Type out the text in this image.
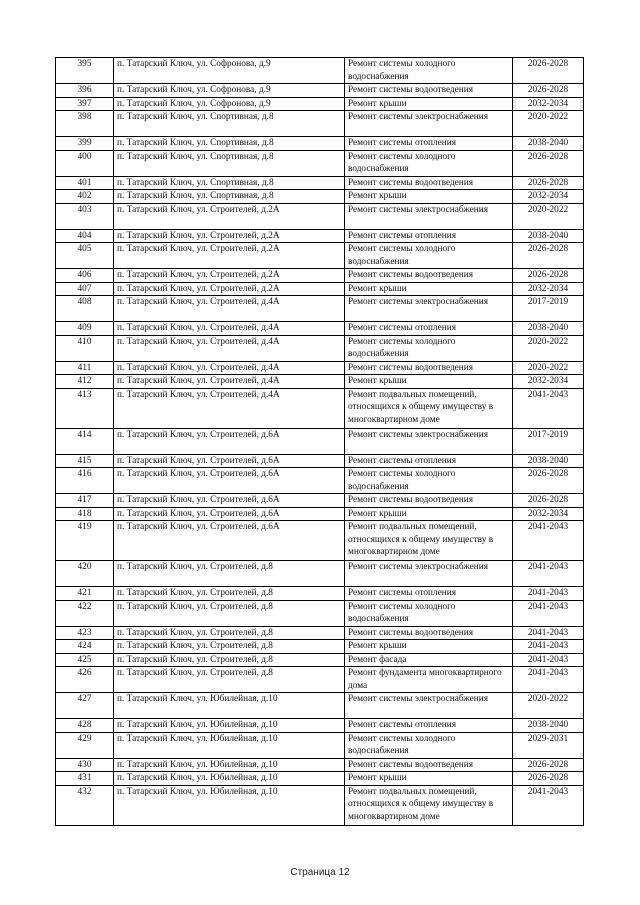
395	п. Татарский Ключ, ул. Софронова, д.9	Ремонт системы холодного водоснабжения	2026-2028
396	п. Татарский Ключ, ул. Софронова, д.9	Ремонт системы водоотведения	2026-2028
397	п. Татарский Ключ, ул. Софронова, д.9	Ремонт крыши	2032-2034
398	п. Татарский Ключ, ул. Спортивная, д.8	Ремонт системы электроснабжения	2020-2022
399	п. Татарский Ключ, ул. Спортивная, д.8	Ремонт системы отопления	2038-2040
400	п. Татарский Ключ, ул. Спортивная, д.8	Ремонт системы холодного водоснабжения	2026-2028
401	п. Татарский Ключ, ул. Спортивная, д.8	Ремонт системы водоотведения	2026-2028
402	п. Татарский Ключ, ул. Спортивная, д.8	Ремонт крыши	2032-2034
403	п. Татарский Ключ, ул. Строителей, д.2А	Ремонт системы электроснабжения	2020-2022
404	п. Татарский Ключ, ул. Строителей, д.2А	Ремонт системы отопления	2038-2040
405	п. Татарский Ключ, ул. Строителей, д.2А	Ремонт системы холодного водоснабжения	2026-2028
406	п. Татарский Ключ, ул. Строителей, д.2А	Ремонт системы водоотведения	2026-2028
407	п. Татарский Ключ, ул. Строителей, д.2А	Ремонт крыши	2032-2034
408	п. Татарский Ключ, ул. Строителей, д.4А	Ремонт системы электроснабжения	2017-2019
409	п. Татарский Ключ, ул. Строителей, д.4А	Ремонт системы отопления	2038-2040
410	п. Татарский Ключ, ул. Строителей, д.4А	Ремонт системы холодного водоснабжения	2020-2022
411	п. Татарский Ключ, ул. Строителей, д.4А	Ремонт системы водоотведения	2020-2022
412	п. Татарский Ключ, ул. Строителей, д.4А	Ремонт крыши	2032-2034
413	п. Татарский Ключ, ул. Строителей, д.4А	Ремонт подвальных помещений, относящихся к общему имуществу в многоквартирном доме	2041-2043
414	п. Татарский Ключ, ул. Строителей, д.6А	Ремонт системы электроснабжения	2017-2019
415	п. Татарский Ключ, ул. Строителей, д.6А	Ремонт системы отопления	2038-2040
416	п. Татарский Ключ, ул. Строителей, д.6А	Ремонт системы холодного водоснабжения	2026-2028
417	п. Татарский Ключ, ул. Строителей, д.6А	Ремонт системы водоотведения	2026-2028
418	п. Татарский Ключ, ул. Строителей, д.6А	Ремонт крыши	2032-2034
419	п. Татарский Ключ, ул. Строителей, д.6А	Ремонт подвальных помещений, относящихся к общему имуществу в многоквартирном доме	2041-2043
420	п. Татарский Ключ, ул. Строителей, д.8	Ремонт системы электроснабжения	2041-2043
421	п. Татарский Ключ, ул. Строителей, д.8	Ремонт системы отопления	2041-2043
422	п. Татарский Ключ, ул. Строителей, д.8	Ремонт системы холодного водоснабжения	2041-2043
423	п. Татарский Ключ, ул. Строителей, д.8	Ремонт системы водоотведения	2041-2043
424	п. Татарский Ключ, ул. Строителей, д.8	Ремонт крыши	2041-2043
425	п. Татарский Ключ, ул. Строителей, д.8	Ремонт фасада	2041-2043
426	п. Татарский Ключ, ул. Строителей, д.8	Ремонт фундамента многоквартирного дома	2041-2043
427	п. Татарский Ключ, ул. Юбилейная, д.10	Ремонт системы электроснабжения	2020-2022
428	п. Татарский Ключ, ул. Юбилейная, д.10	Ремонт системы отопления	2038-2040
429	п. Татарский Ключ, ул. Юбилейная, д.10	Ремонт системы холодного водоснабжения	2029-2031
430	п. Татарский Ключ, ул. Юбилейная, д.10	Ремонт системы водоотведения	2026-2028
431	п. Татарский Ключ, ул. Юбилейная, д.10	Ремонт крыши	2026-2028
432	п. Татарский Ключ, ул. Юбилейная, д.10	Ремонт подвальных помещений, относящихся к общему имуществу в многоквартирном доме	2041-2043
Страница 12
